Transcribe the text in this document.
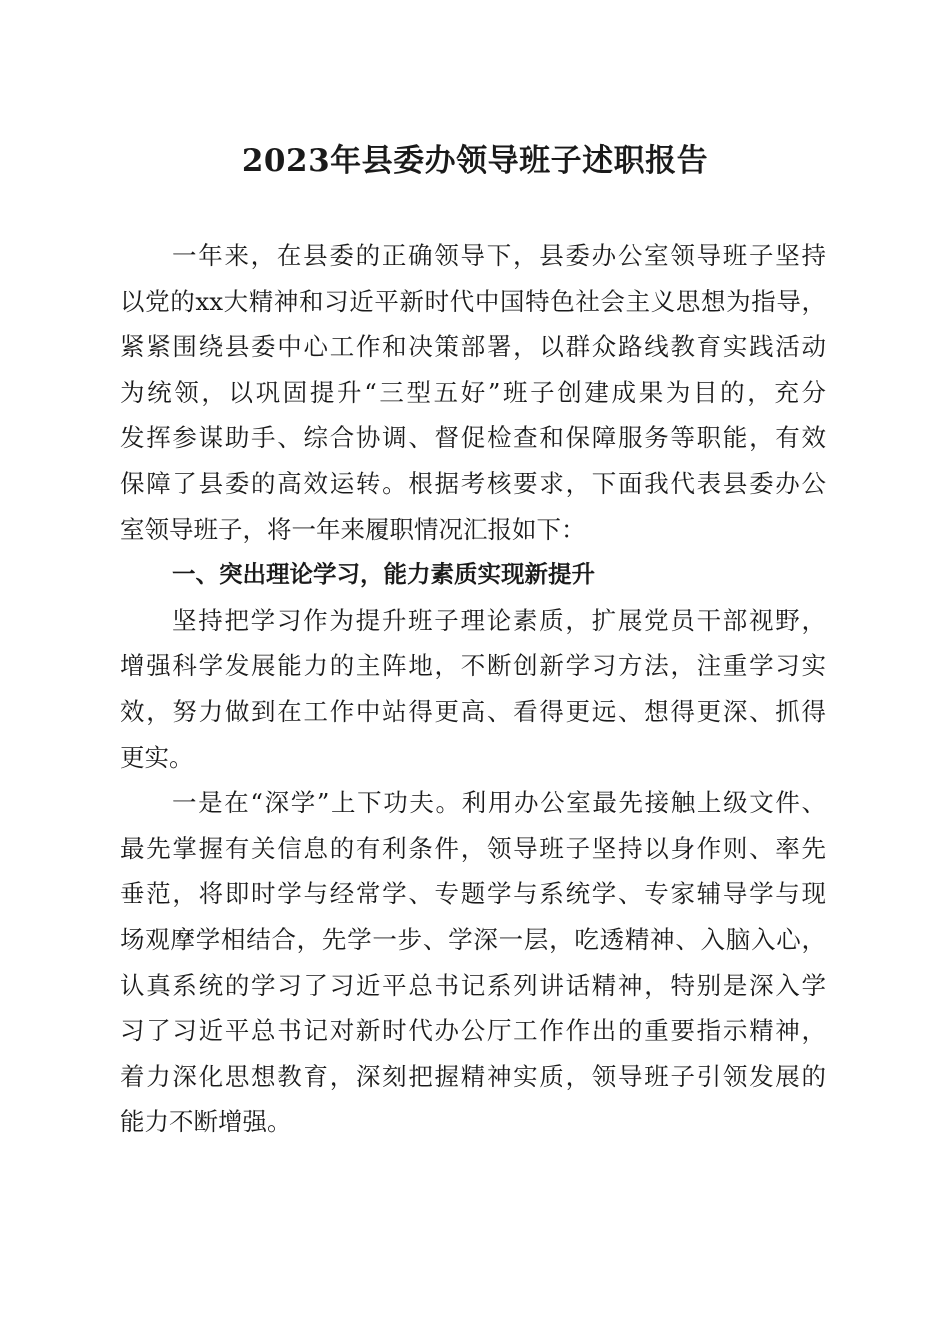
2023年县委办领导班子述职报告
一年来，在县委的正确领导下，县委办公室领导班子坚持
以党的xx大精神和习近平新时代中国特色社会主义思想为指导，
紧紧围绕县委中心工作和决策部署，以群众路线教育实践活动
为统领，以巩固提升“三型五好”班子创建成果为目的，充分
发挥参谋助手、综合协调、督促检查和保障服务等职能，有效
保障了县委的高效运转。根据考核要求，下面我代表县委办公
室领导班子，将一年来履职情况汇报如下：
一、突出理论学习，能力素质实现新提升
坚持把学习作为提升班子理论素质，扩展党员干部视野，
增强科学发展能力的主阵地，不断创新学习方法，注重学习实
效，努力做到在工作中站得更高、看得更远、想得更深、抓得
更实。
一是在“深学”上下功夫。利用办公室最先接触上级文件、
最先掌握有关信息的有利条件，领导班子坚持以身作则、率先
垂范，将即时学与经常学、专题学与系统学、专家辅导学与现
场观摩学相结合，先学一步、学深一层，吃透精神、入脑入心，
认真系统的学习了习近平总书记系列讲话精神，特别是深入学
习了习近平总书记对新时代办公厅工作作出的重要指示精神，
着力深化思想教育，深刻把握精神实质，领导班子引领发展的
能力不断增强。
